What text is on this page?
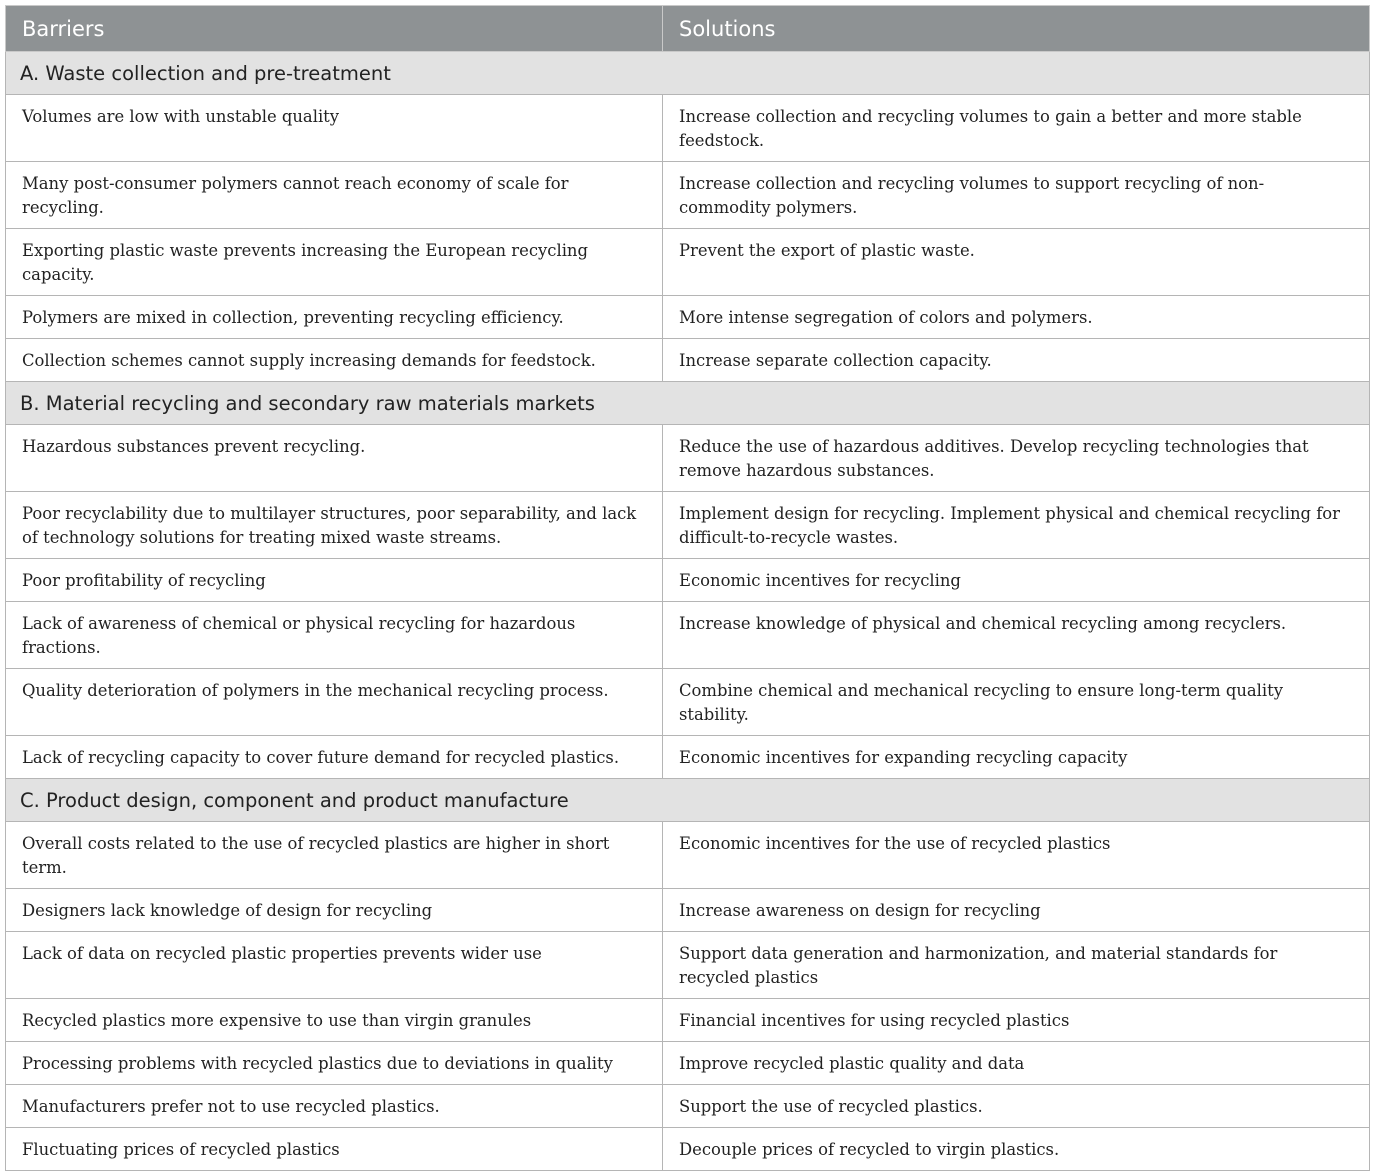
Barriers	Solutions
A. Waste collection and pre-treatment	
Volumes are low with unstable quality	Increase collection and recycling volumes to gain a better and more stable feedstock.
Many post-consumer polymers cannot reach economy of scale for recycling.	Increase collection and recycling volumes to support recycling of non-commodity polymers.
Exporting plastic waste prevents increasing the European recycling capacity.	Prevent the export of plastic waste.
Polymers are mixed in collection, preventing recycling efficiency.	More intense segregation of colors and polymers.
Collection schemes cannot supply increasing demands for feedstock.	Increase separate collection capacity.
B. Material recycling and secondary raw materials markets	
Hazardous substances prevent recycling.	Reduce the use of hazardous additives. Develop recycling technologies that remove hazardous substances.
Poor recyclability due to multilayer structures, poor separability, and lack of technology solutions for treating mixed waste streams.	Implement design for recycling. Implement physical and chemical recycling for difficult-to-recycle wastes.
Poor profitability of recycling	Economic incentives for recycling
Lack of awareness of chemical or physical recycling for hazardous fractions.	Increase knowledge of physical and chemical recycling among recyclers.
Quality deterioration of polymers in the mechanical recycling process.	Combine chemical and mechanical recycling to ensure long-term quality stability.
Lack of recycling capacity to cover future demand for recycled plastics.	Economic incentives for expanding recycling capacity
C. Product design, component and product manufacture	
Overall costs related to the use of recycled plastics are higher in short term.	Economic incentives for the use of recycled plastics
Designers lack knowledge of design for recycling	Increase awareness on design for recycling
Lack of data on recycled plastic properties prevents wider use	Support data generation and harmonization, and material standards for recycled plastics
Recycled plastics more expensive to use than virgin granules	Financial incentives for using recycled plastics
Processing problems with recycled plastics due to deviations in quality	Improve recycled plastic quality and data
Manufacturers prefer not to use recycled plastics.	Support the use of recycled plastics.
Fluctuating prices of recycled plastics	Decouple prices of recycled to virgin plastics.
